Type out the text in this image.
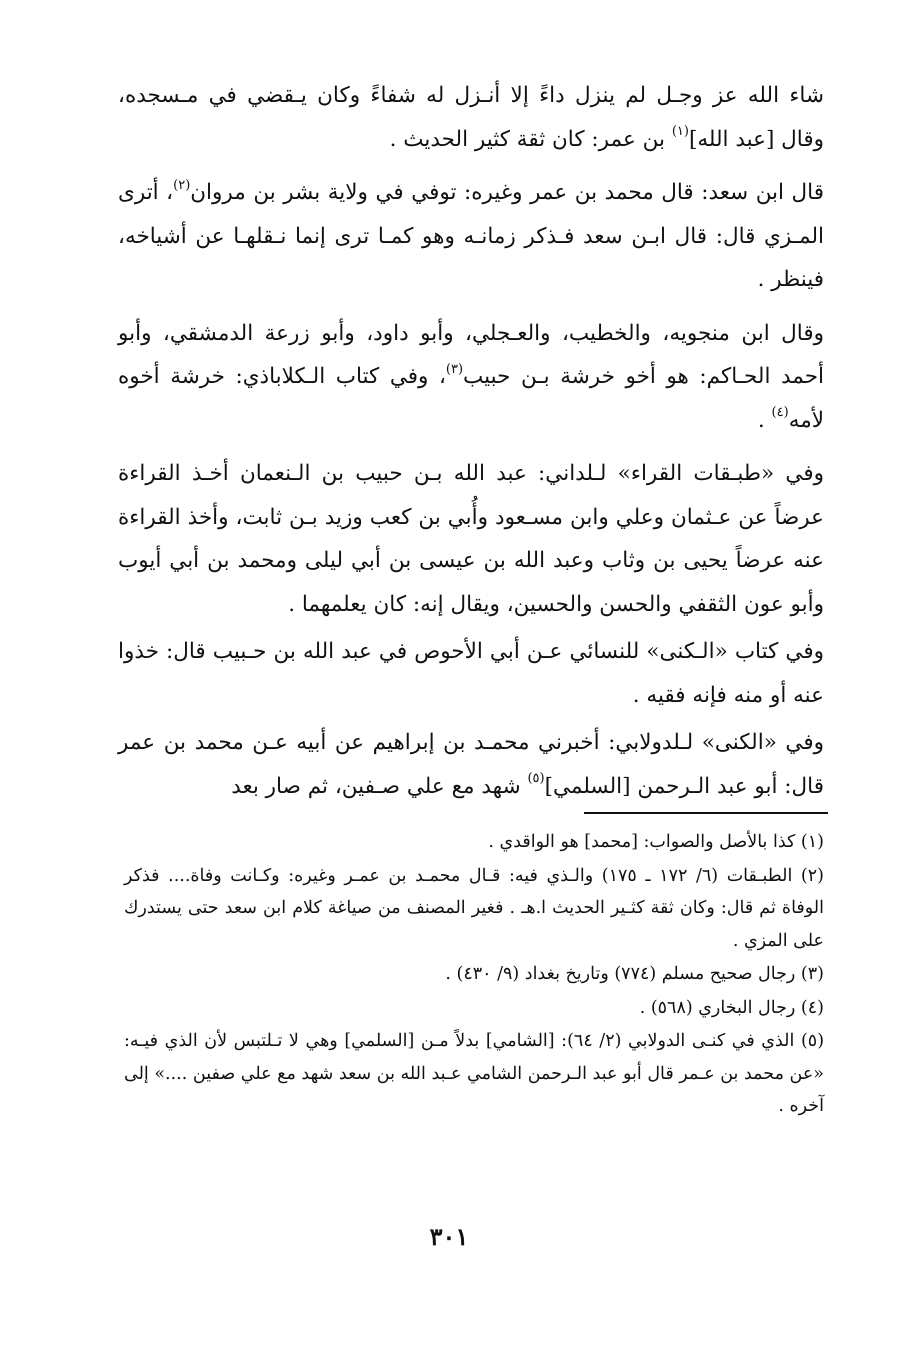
شاء الله عز وجـل لم ينزل داءً إلا أنـزل له شفاءً وكان يـقضي في مـسجده، وقال [عبد الله]$^{(١)}$ بن عمر: كان ثقة كثير الحديث .

قال ابن سعد: قال محمد بن عمر وغيره: توفي في ولاية بشر بن مروان$^{(٢)}$، أترى المـزي قال: قال ابـن سعد فـذكر زمانـه وهو كمـا ترى إنما نـقلهـا عن أشياخه، فينظر .

وقال ابن منجويه، والخطيب، والعـجلي، وأبو داود، وأبو زرعة الدمشقي، وأبو أحمد الحـاكم: هو أخو خرشة بـن حبيب$^{(٣)}$، وفي كتاب الـكلاباذي: خرشة أخوه لأمه$^{(٤)}$ .

وفي «طبـقات القراء» لـلداني: عبد الله بـن حبيب بن الـنعمان أخـذ القراءة عرضاً عن عـثمان وعلي وابن مسـعود وأُبي بن كعب وزيد بـن ثابت، وأخذ القراءة عنه عرضاً يحيى بن وثاب وعبد الله بن عيسى بن أبي ليلى ومحمد بن أبي أيوب وأبو عون الثقفي والحسن والحسين، ويقال إنه: كان يعلمهما .

وفي كتاب «الـكنى» للنسائي عـن أبي الأحوص في عبد الله بن حـبيب قال: خذوا عنه أو منه فإنه فقيه .

وفي «الكنى» لـلدولابي: أخبرني محمـد بن إبراهيم عن أبيه عـن محمد بن عمر قال: أبو عبد الـرحمن [السلمي]$^{(٥)}$ شهد مع علي صـفين، ثم صار بعد

(١) كذا بالأصل والصواب: [محمد] هو الواقدي .

(٢) الطبـقات (٦/ ١٧٢ ـ ١٧٥) والـذي فيه: قـال محمـد بن عمـر وغيره: وكـانت وفاة.... فذكر الوفاة ثم قال: وكان ثقة كثـير الحديث ا.هـ . فغير المصنف من صياغة كلام ابن سعد حتى يستدرك على المزي .

(٣) رجال صحيح مسلم (٧٧٤) وتاريخ بغداد (٩/ ٤٣٠) .

(٤) رجال البخاري (٥٦٨) .

(٥) الذي في كنـى الدولابي (٢/ ٦٤): [الشامي] بدلاً مـن [السلمي] وهي لا تـلتبس لأن الذي فيـه: «عن محمد بن عـمر قال أبو عبد الـرحمن الشامي عـبد الله بن سعد شهد مع علي صفين ....» إلى آخره .

٣٠١
